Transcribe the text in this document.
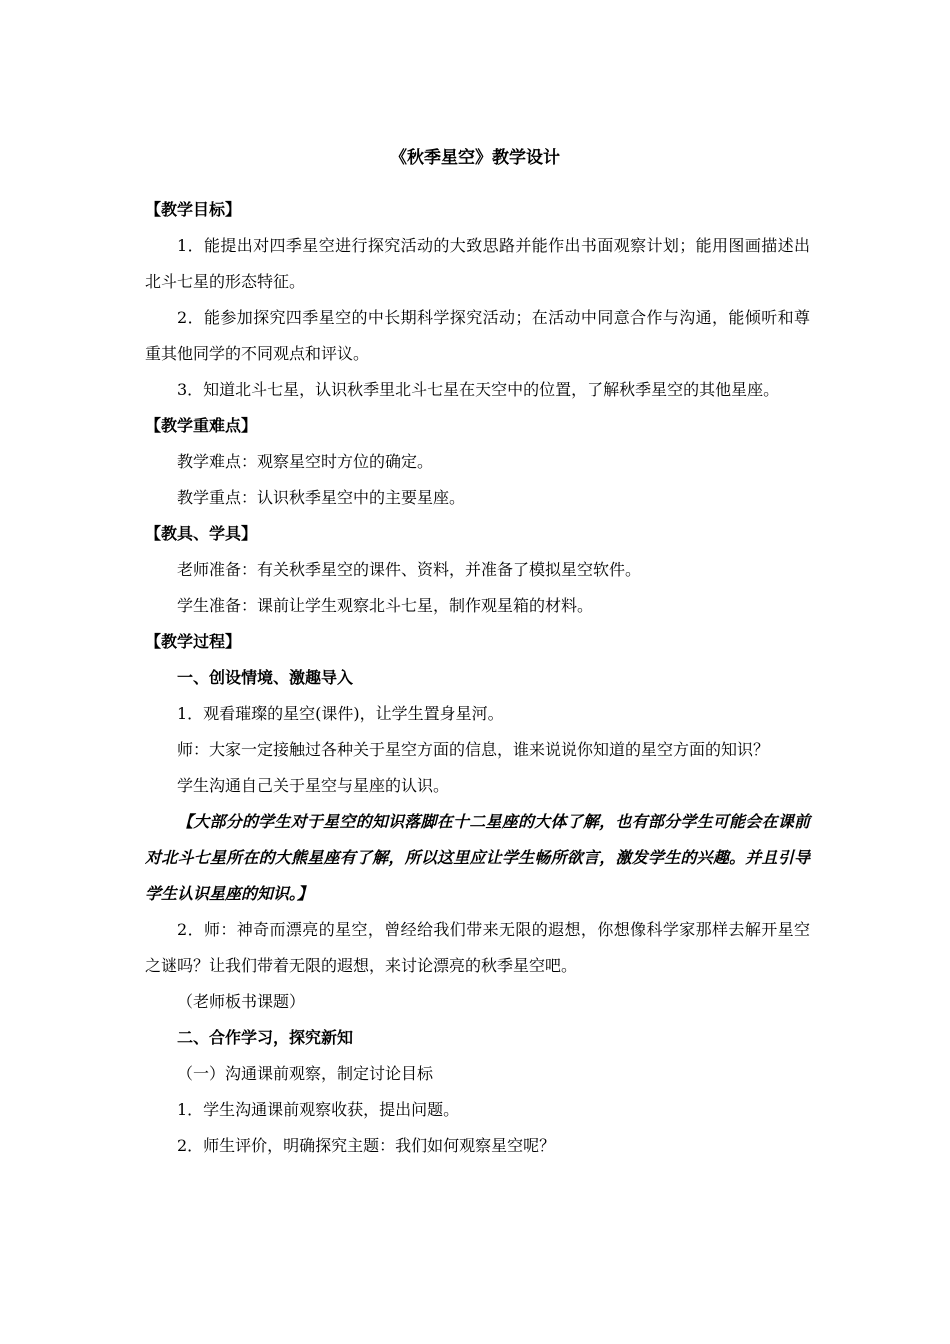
《秋季星空》教学设计

【教学目标】

1．能提出对四季星空进行探究活动的大致思路并能作出书面观察计划；能用图画描述出北斗七星的形态特征。

2．能参加探究四季星空的中长期科学探究活动；在活动中同意合作与沟通，能倾听和尊重其他同学的不同观点和评议。

3．知道北斗七星，认识秋季里北斗七星在天空中的位置，了解秋季星空的其他星座。

【教学重难点】

教学难点：观察星空时方位的确定。

教学重点：认识秋季星空中的主要星座。

【教具、学具】

老师准备：有关秋季星空的课件、资料，并准备了模拟星空软件。

学生准备：课前让学生观察北斗七星，制作观星箱的材料。

【教学过程】

一、创设情境、激趣导入

1．观看璀璨的星空(课件)，让学生置身星河。

师：大家一定接触过各种关于星空方面的信息，谁来说说你知道的星空方面的知识？

学生沟通自己关于星空与星座的认识。

【大部分的学生对于星空的知识落脚在十二星座的大体了解，也有部分学生可能会在课前对北斗七星所在的大熊星座有了解，所以这里应让学生畅所欲言，激发学生的兴趣。并且引导学生认识星座的知识。】

2．师：神奇而漂亮的星空，曾经给我们带来无限的遐想，你想像科学家那样去解开星空之谜吗？让我们带着无限的遐想，来讨论漂亮的秋季星空吧。

（老师板书课题）

二、合作学习，探究新知

（一）沟通课前观察，制定讨论目标

1．学生沟通课前观察收获，提出问题。

2．师生评价，明确探究主题：我们如何观察星空呢？
